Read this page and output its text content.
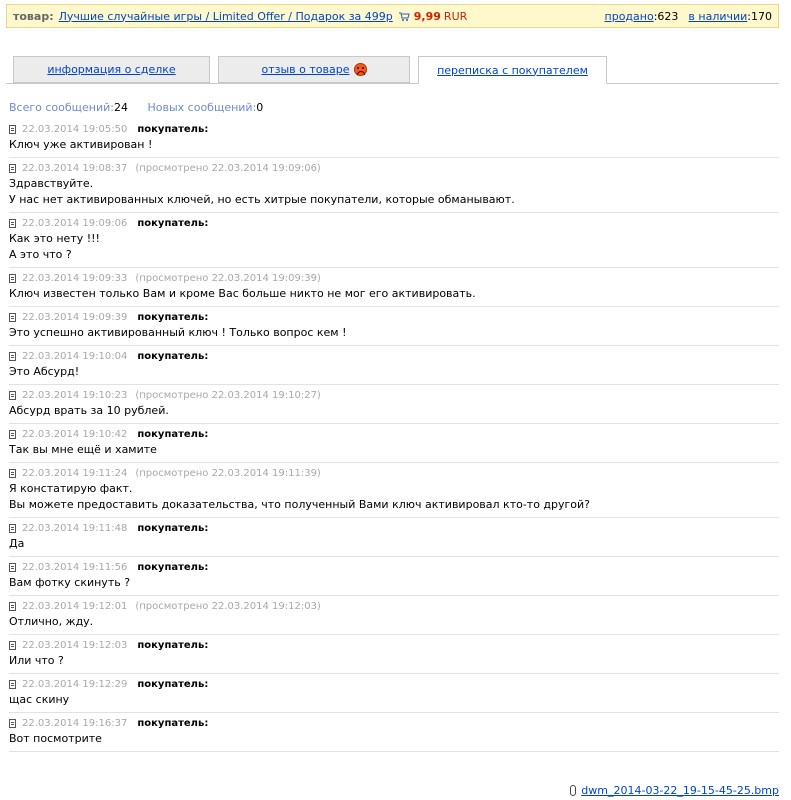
товар: Лучшие случайные игры / Limited Offer / Подарок за 499р 9,99 RUR	продано:623 в наличии:170
информация о сделке	отзыв о товаре	переписка с покупателем
Всего сообщений:24 Новых сообщений:0
22.03.2014 19:05:50 покупатель:
Ключ уже активирован !
22.03.2014 19:08:37 (просмотрено 22.03.2014 19:09:06)
Здравствуйте.
У нас нет активированных ключей, но есть хитрые покупатели, которые обманывают.
22.03.2014 19:09:06 покупатель:
Как это нету !!!
А это что ?
22.03.2014 19:09:33 (просмотрено 22.03.2014 19:09:39)
Ключ известен только Вам и кроме Вас больше никто не мог его активировать.
22.03.2014 19:09:39 покупатель:
Это успешно активированный ключ ! Только вопрос кем !
22.03.2014 19:10:04 покупатель:
Это Абсурд!
22.03.2014 19:10:23 (просмотрено 22.03.2014 19:10:27)
Абсурд врать за 10 рублей.
22.03.2014 19:10:42 покупатель:
Так вы мне ещё и хамите
22.03.2014 19:11:24 (просмотрено 22.03.2014 19:11:39)
Я констатирую факт.
Вы можете предоставить доказательства, что полученный Вами ключ активировал кто-то другой?
22.03.2014 19:11:48 покупатель:
Да
22.03.2014 19:11:56 покупатель:
Вам фотку скинуть ?
22.03.2014 19:12:01 (просмотрено 22.03.2014 19:12:03)
Отлично, жду.
22.03.2014 19:12:03 покупатель:
Или что ?
22.03.2014 19:12:29 покупатель:
щас скину
22.03.2014 19:16:37 покупатель:
Вот посмотрите
dwm_2014-03-22_19-15-45-25.bmp
